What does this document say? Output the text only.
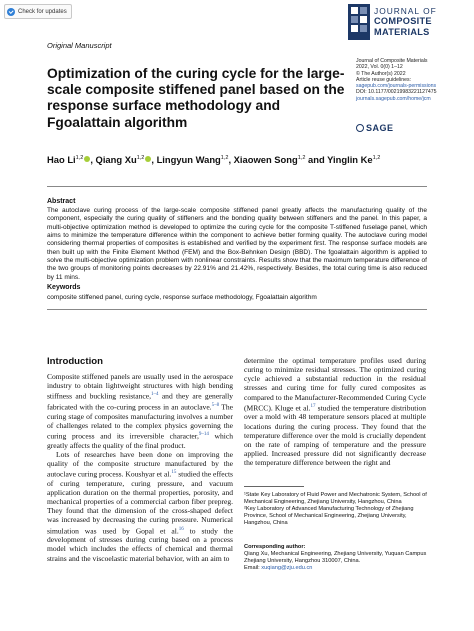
Check for updates
Original Manuscript
JOURNAL OF
COMPOSITE
MATERIALS
Journal of Composite Materials
2022, Vol. 0(0) 1–12
© The Author(s) 2022
Article reuse guidelines:
sagepub.com/journals-permissions
DOI: 10.1177/00219983221127475
journals.sagepub.com/home/jcm
SAGE
Optimization of the curing cycle for the large-scale composite stiffened panel based on the response surface methodology and Fgoalattain algorithm
Hao Li$^{1,2}$ , Qiang Xu$^{1,2}$ , Lingyun Wang$^{1,2}$, Xiaowen Song$^{1,2}$ and Yinglin Ke$^{1,2}$
Abstract
The autoclave curing process of the large-scale composite stiffened panel greatly affects the manufacturing quality of the component, especially the curing quality of stiffeners and the bonding quality between stiffeners and the panel. In this paper, a multi-objective optimization method is developed to optimize the curing cycle for the composite T-stiffened fuselage panel, which aims to minimize the temperature difference within the component to achieve better forming quality. The autoclave curing model considering thermal properties of composites is established and verified by the experiment first. The response surface models are then built up with the Finite Element Method (FEM) and the Box-Behnken Design (BBD). The fgoalattain algorithm is applied to solve the multi-objective optimization problem with nonlinear constraints. Results show that the maximum temperature difference of the two groups of monitoring points decreases by 22.91% and 21.42%, respectively. Besides, the total curing time is also reduced by 11 mins.
Keywords
composite stiffened panel, curing cycle, response surface methodology, Fgoalattain algorithm
Introduction

Composite stiffened panels are usually used in the aerospace industry to obtain lightweight structures with high bending stiffness and buckling resistance,$^{1-4}$ and they are generally fabricated with the co-curing process in an autoclave.$^{5-8}$ The curing stage of composites manufacturing involves a number of challenges related to the complex physics governing the curing process and its irreversible character,$^{9-14}$ which greatly affects the quality of the final product.

Lots of researches have been done on improving the quality of the composite structure manufactured by the autoclave curing process. Koushyar et al.$^{15}$ studied the effects of curing temperature, curing pressure, and vacuum application duration on the thermal properties, porosity, and mechanical properties of a commercial carbon fiber prepreg. They found that the dimension of the cross-shaped defect was increased by decreasing the curing pressure. Numerical simulation was used by Gopal et al.$^{16}$ to study the development of stresses during curing based on a process model which includes the effects of chemical and thermal strains and the viscoelastic material behavior, with an aim to

determine the optimal temperature profiles used during curing to minimize residual stresses. The optimized curing cycle achieved a substantial reduction in the residual stresses and curing time for fully cured composites as compared to the Manufacturer-Recommended Curing Cycle (MRCC). Kluge et al.$^{17}$ studied the temperature distribution over a mold with 48 temperature sensors placed at multiple locations during the curing process. They found that the temperature difference over the mold is crucially dependent on the rate of ramping of temperature and the pressure applied. Increased pressure did not significantly decrease the temperature difference between the right and

¹State Key Laboratory of Fluid Power and Mechatronic System, School of Mechanical Engineering, Zhejiang University, Hangzhou, China
²Key Laboratory of Advanced Manufacturing Technology of Zhejiang Province, School of Mechanical Engineering, Zhejiang University, Hangzhou, China
Corresponding author:
Qiang Xu, Mechanical Engineering, Zhejiang University, Yuquan Campus Zhejiang University, Hangzhou 310007, China.
Email: xuqiang@zju.edu.cn
